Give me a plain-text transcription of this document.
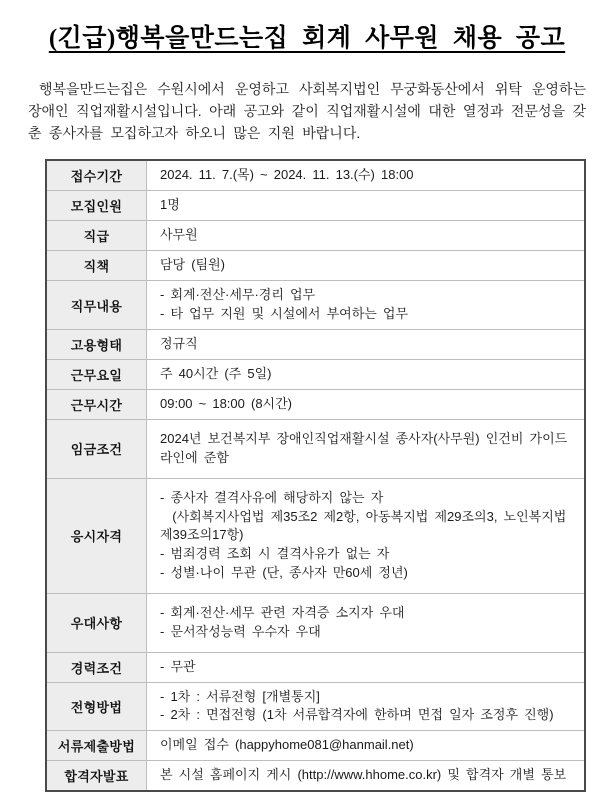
(긴급)행복을만드는집 회계 사무원 채용 공고

행복을만드는집은 수원시에서 운영하고 사회복지법인 무궁화동산에서 위탁 운영하는 장애인 직업재활시설입니다. 아래 공고와 같이 직업재활시설에 대한 열정과 전문성을 갖춘 종사자를 모집하고자 하오니 많은 지원 바랍니다.

접수기간	2024. 11. 7.(목) ~ 2024. 11. 13.(수) 18:00

모집인원	1명

직급	사무원

직책	담당 (팀원)

직무내용	- 회계·전산·세무·경리 업무
- 타 업무 지원 및 시설에서 부여하는 업무

고용형태	정규직

근무요일	주 40시간 (주 5일)

근무시간	09:00 ~ 18:00 (8시간)

임금조건	2024년 보건복지부 장애인직업재활시설 종사자(사무원) 인건비 가이드라인에 준함

응시자격	- 종사자 결격사유에 해당하지 않는 자
(사회복지사업법 제35조2 제2항, 아동복지법 제29조의3, 노인복지법 제39조의17항)
- 범죄경력 조회 시 결격사유가 없는 자
- 성별·나이 무관 (단, 종사자 만60세 정년)

우대사항	- 회계·전산·세무 관련 자격증 소지자 우대
- 문서작성능력 우수자 우대

경력조건	- 무관

전형방법	- 1차 : 서류전형 [개별통지]
- 2차 : 면접전형 (1차 서류합격자에 한하며 면접 일자 조정후 진행)

서류제출방법	이메일 접수 (happyhome081@hanmail.net)

합격자발표	본 시설 홈페이지 게시 (http://www.hhome.co.kr) 및 합격자 개별 통보
